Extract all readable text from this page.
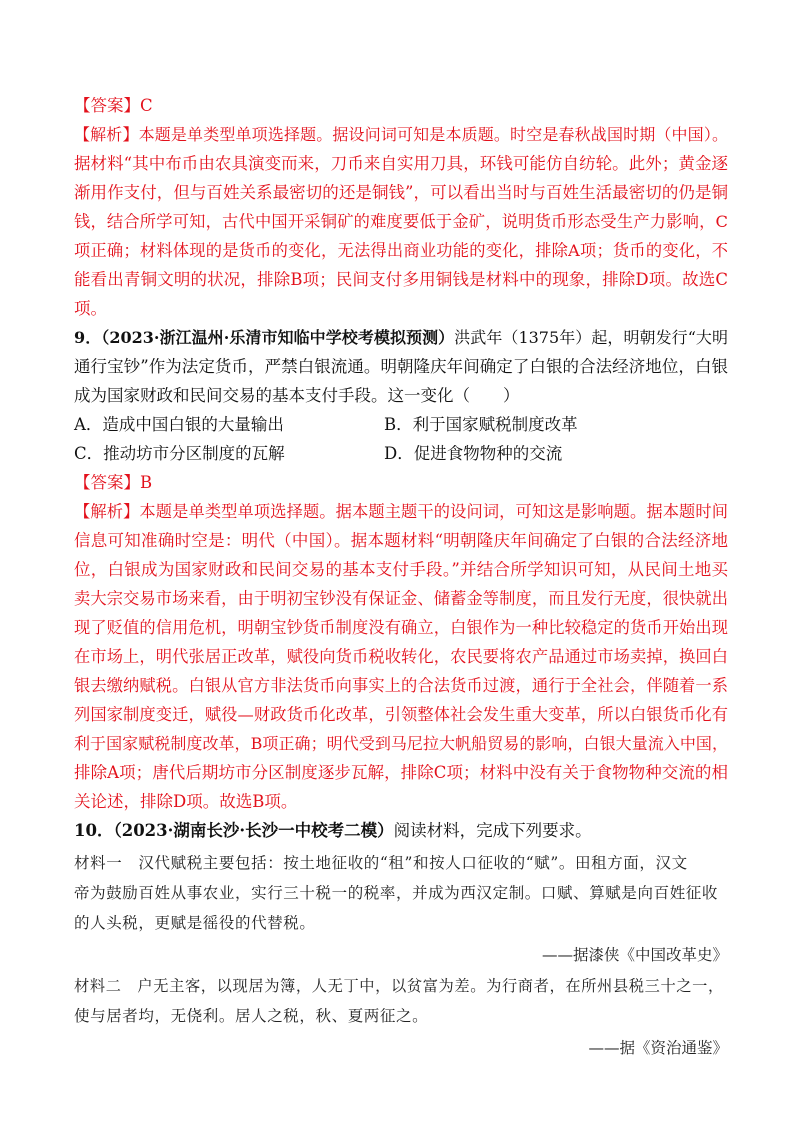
【答案】C
【解析】本题是单类型单项选择题。据设问词可知是本质题。时空是春秋战国时期（中国）。
据材料“其中布币由农具演变而来，刀币来自实用刀具，环钱可能仿自纺轮。此外；黄金逐
渐用作支付，但与百姓关系最密切的还是铜钱”，可以看出当时与百姓生活最密切的仍是铜
钱，结合所学可知，古代中国开采铜矿的难度要低于金矿，说明货币形态受生产力影响，C
项正确；材料体现的是货币的变化，无法得出商业功能的变化，排除A项；货币的变化，不
能看出青铜文明的状况，排除B项；民间支付多用铜钱是材料中的现象，排除D项。故选C
项。
9．（2023·浙江温州·乐清市知临中学校考模拟预测）洪武年（1375年）起，明朝发行“大明
通行宝钞”作为法定货币，严禁白银流通。明朝隆庆年间确定了白银的合法经济地位，白银
成为国家财政和民间交易的基本支付手段。这一变化（　　）
A．造成中国白银的大量输出	B．利于国家赋税制度改革
C．推动坊市分区制度的瓦解	D．促进食物物种的交流
【答案】B
【解析】本题是单类型单项选择题。据本题主题干的设问词，可知这是影响题。据本题时间
信息可知准确时空是：明代（中国）。据本题材料“明朝隆庆年间确定了白银的合法经济地
位，白银成为国家财政和民间交易的基本支付手段。”并结合所学知识可知，从民间土地买
卖大宗交易市场来看，由于明初宝钞没有保证金、储蓄金等制度，而且发行无度，很快就出
现了贬值的信用危机，明朝宝钞货币制度没有确立，白银作为一种比较稳定的货币开始出现
在市场上，明代张居正改革，赋役向货币税收转化，农民要将农产品通过市场卖掉，换回白
银去缴纳赋税。白银从官方非法货币向事实上的合法货币过渡，通行于全社会，伴随着一系
列国家制度变迁，赋役—财政货币化改革，引领整体社会发生重大变革，所以白银货币化有
利于国家赋税制度改革，B项正确；明代受到马尼拉大帆船贸易的影响，白银大量流入中国，
排除A项；唐代后期坊市分区制度逐步瓦解，排除C项；材料中没有关于食物物种交流的相
关论述，排除D项。故选B项。
10．（2023·湖南长沙·长沙一中校考二模）阅读材料，完成下列要求。
材料一　汉代赋税主要包括：按土地征收的“租”和按人口征收的“赋”。田租方面，汉文
帝为鼓励百姓从事农业，实行三十税一的税率，并成为西汉定制。口赋、算赋是向百姓征收
的人头税，更赋是徭役的代替税。
——据漆侠《中国改革史》
材料二　户无主客，以现居为簿，人无丁中，以贫富为差。为行商者，在所州县税三十之一，
使与居者均，无侥利。居人之税，秋、夏两征之。
——据《资治通鉴》
